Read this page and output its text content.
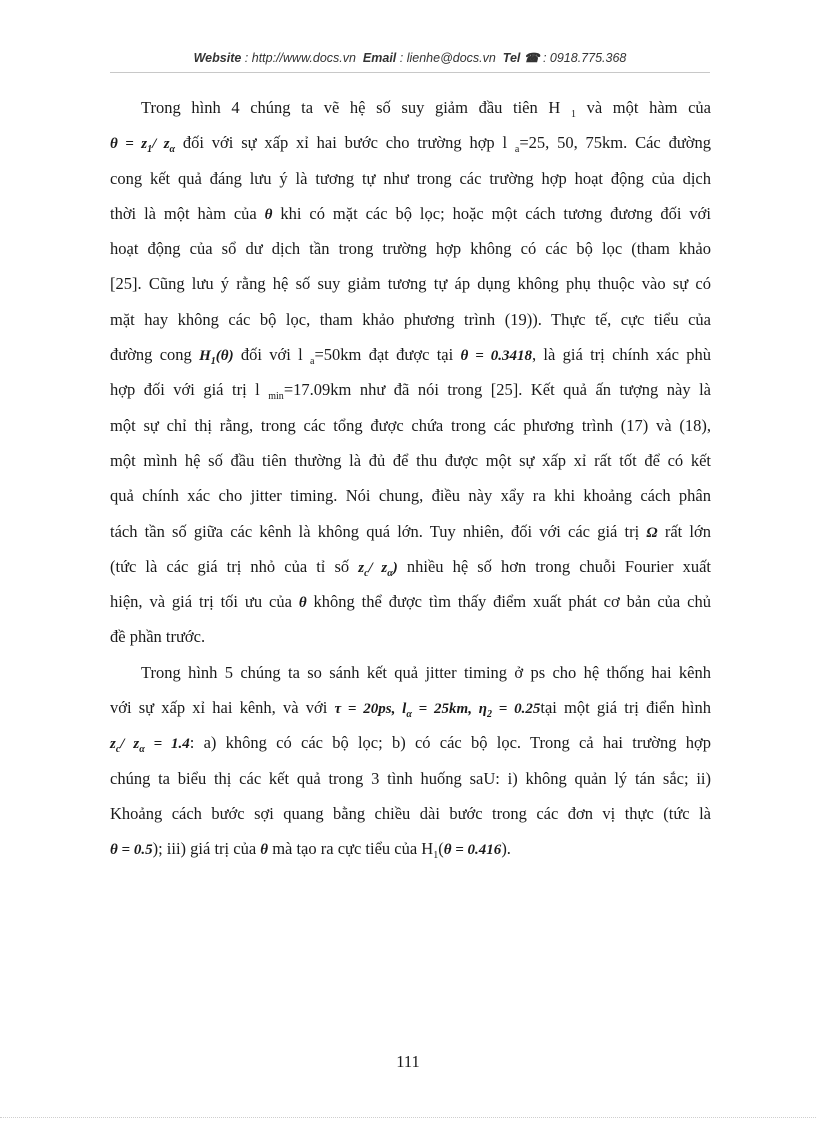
Website : http://www.docs.vn Email : lienhe@docs.vn Tel ☎ : 0918.775.368
Trong hình 4 chúng ta vẽ hệ số suy giảm đầu tiên H $_1$ và một hàm của
$\theta = z_1/$ $z_\alpha$ đối với sự xấp xỉ hai bước cho trường hợp l $_a$=25, 50, 75km. Các đường
cong kết quả đáng lưu ý là tương tự như trong các trường hợp hoạt động của dịch
thời là một hàm của θ khi có mặt các bộ lọc; hoặc một cách tương đương đối với
hoạt động của sổ dư dịch tần trong trường hợp không có các bộ lọc (tham khảo
[25]. Cũng lưu ý rằng hệ số suy giảm tương tự áp dụng không phụ thuộc vào sự có
mặt hay không các bộ lọc, tham khảo phương trình (19)). Thực tế, cực tiểu của
đường cong $H_1(\theta)$ đối với l $_a$=50km đạt được tại θ = 0.3418, là giá trị chính xác phù
hợp đối với giá trị l $_{min}$=17.09km như đã nói trong [25]. Kết quả ấn tượng này là
một sự chỉ thị rằng, trong các tổng được chứa trong các phương trình (17) và (18),
một mình hệ số đầu tiên thường là đủ để thu được một sự xấp xỉ rất tốt để có kết
quả chính xác cho jitter timing. Nói chung, điều này xẩy ra khi khoảng cách phân
tách tần số giữa các kênh là không quá lớn. Tuy nhiên, đối với các giá trị Ω rất lớn
(tức là các giá trị nhỏ của tỉ số $z_c/$ $z_\alpha$) nhiều hệ số hơn trong chuỗi Fourier xuất
hiện, và giá trị tối ưu của θ không thể được tìm thấy điểm xuất phát cơ bản của chủ
đề phần trước.
Trong hình 5 chúng ta so sánh kết quả jitter timing ở ps cho hệ thống hai kênh
với sự xấp xỉ hai kênh, và với τ = 20ps, $l_\alpha = 25km$, $\eta_2$ = 0.25tại một giá trị điển hình
$z_c/$ $z_\alpha = 1.4$: a) không có các bộ lọc; b) có các bộ lọc. Trong cả hai trường hợp
chúng ta biểu thị các kết quả trong 3 tình huống saU: i) không quản lý tán sắc; ii)
Khoảng cách bước sợi quang bằng chiều dài bước trong các đơn vị thực (tức là
θ = 0.5); iii) giá trị của θ mà tạo ra cực tiểu của $H_1(\theta = 0.416)$.
111
